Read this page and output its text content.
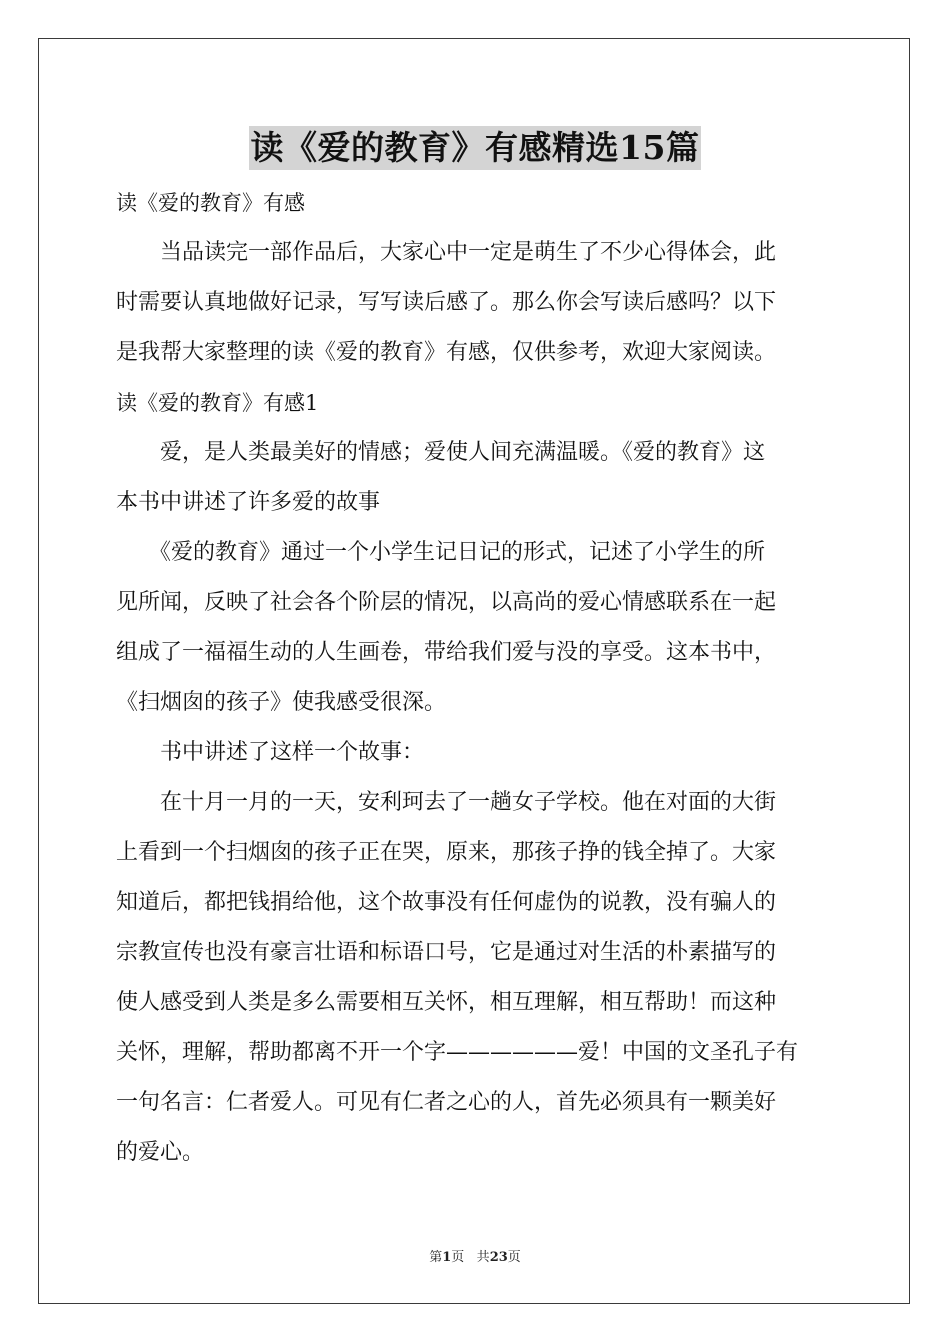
读《爱的教育》有感精选15篇
读《爱的教育》有感
　　当品读完一部作品后，大家心中一定是萌生了不少心得体会，此
时需要认真地做好记录，写写读后感了。那么你会写读后感吗？以下
是我帮大家整理的读《爱的教育》有感，仅供参考，欢迎大家阅读。
读《爱的教育》有感1
　　爱，是人类最美好的情感；爱使人间充满温暖。《爱的教育》这
本书中讲述了许多爱的故事
　　《爱的教育》通过一个小学生记日记的形式，记述了小学生的所
见所闻，反映了社会各个阶层的情况，以高尚的爱心情感联系在一起
组成了一福福生动的人生画卷，带给我们爱与没的享受。这本书中，
《扫烟囱的孩子》使我感受很深。
　　书中讲述了这样一个故事：
　　在十月一月的一天，安利珂去了一趟女子学校。他在对面的大街
上看到一个扫烟囱的孩子正在哭，原来，那孩子挣的钱全掉了。大家
知道后，都把钱捐给他，这个故事没有任何虚伪的说教，没有骗人的
宗教宣传也没有豪言壮语和标语口号，它是通过对生活的朴素描写的
使人感受到人类是多么需要相互关怀，相互理解，相互帮助！而这种
关怀，理解，帮助都离不开一个字——————爱！中国的文圣孔子有
一句名言：仁者爱人。可见有仁者之心的人，首先必须具有一颗美好
的爱心。
第1页 共23页
